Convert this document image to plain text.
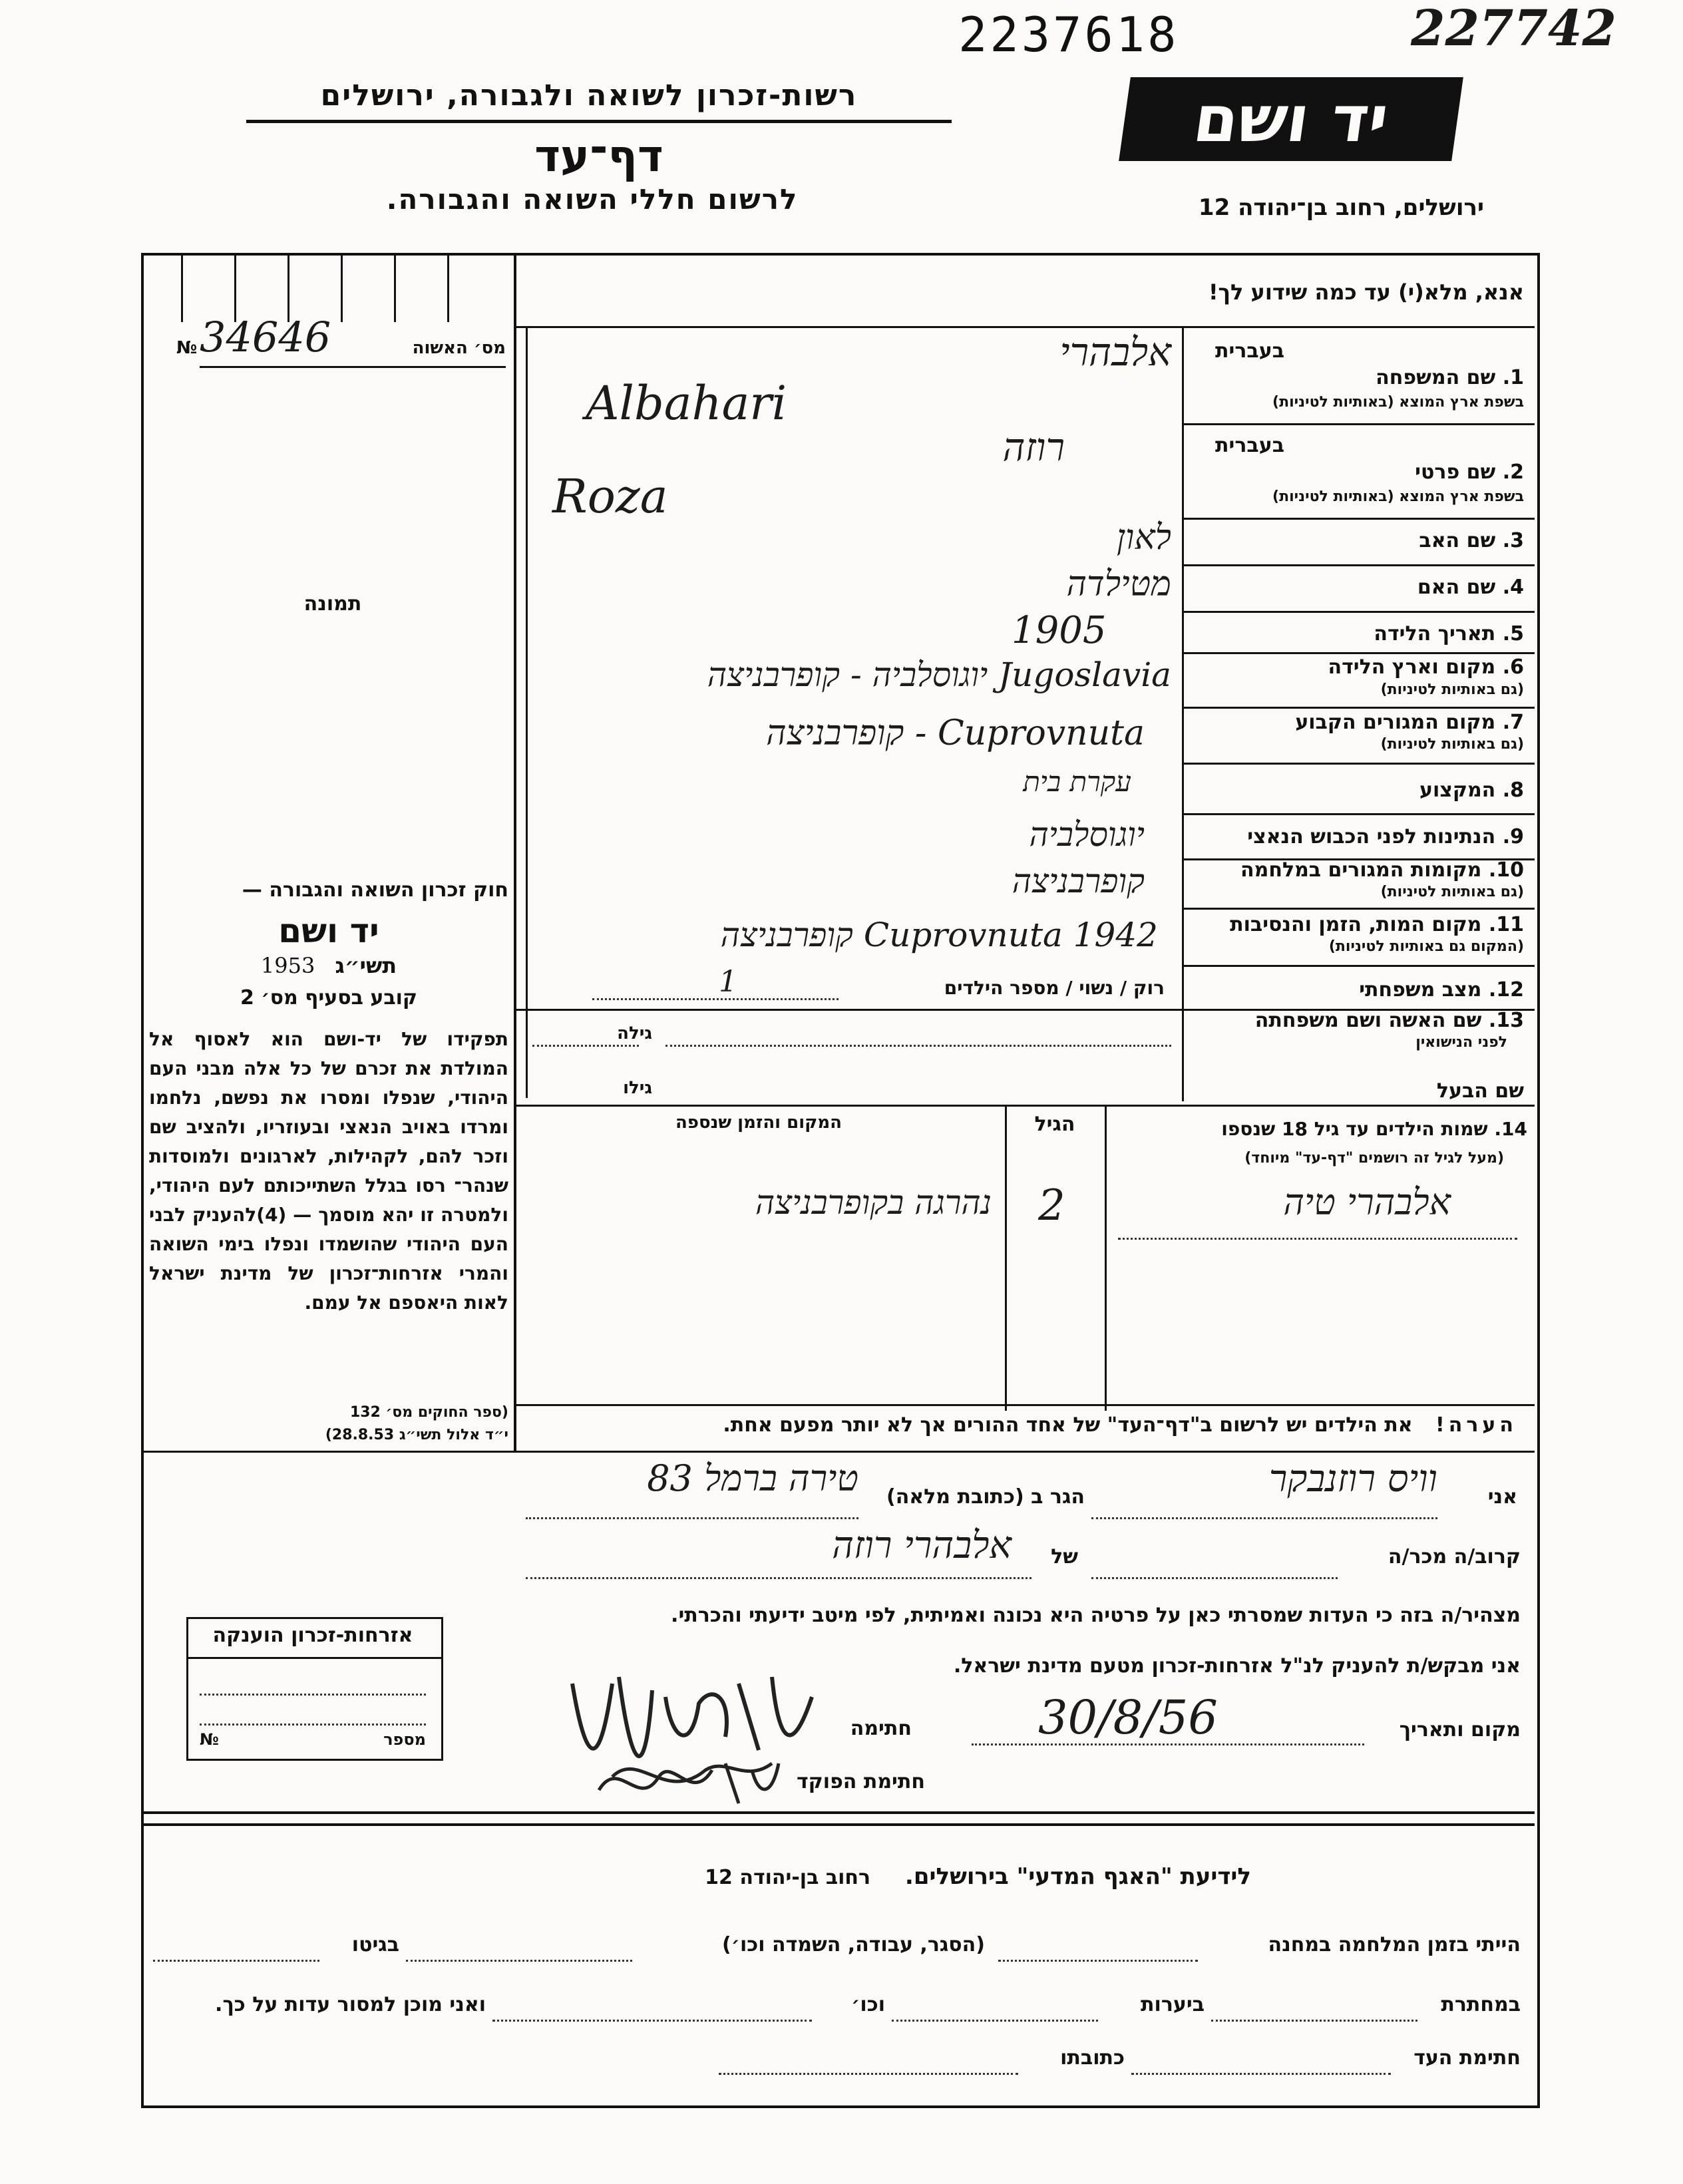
2237618	227742
רשות-זכרון לשואה ולגבורה, ירושלים
דף־עד
לרשום חללי השואה והגבורה.
יד ושם
ירושלים, רחוב בן־יהודה 12
№	מס׳ האשוה
34646
תמונה
חוק זכרון השואה והגבורה —
יד ושם
תשי״ג 1953
קובע בסעיף מס׳ 2
תפקידו של יד-ושם הוא לאסוף אל המולדת את זכרם של כל אלה מבני העם היהודי, שנפלו ומסרו את נפשם, נלחמו ומרדו באויב הנאצי ובעוזריו, ולהציב שם וזכר להם, לקהילות, לארגונים ולמוסדות שנהר־ רסו בגלל השתייכותם לעם היהודי, ולמטרה זו יהא מוסמך — (4)להעניק לבני העם היהודי שהושמדו ונפלו בימי השואה והמרי אזרחות־זכרון של מדינת ישראל לאות היאספם אל עמם.
(ספר החוקים מס׳ 132
י״ד אלול תשי״ג 28.8.53)
אזרחות-זכרון הוענקה
№	מספר
אנא, מלא(י) עד כמה שידוע לך!
בעברית
1. שם המשפחה
בשפת ארץ המוצא (באותיות לטיניות)
אלבהרי
Albahari
בעברית
2. שם פרטי
בשפת ארץ המוצא (באותיות לטיניות)
רוזה
Roza
3. שם האב
לאון
4. שם האם
מטילדה
5. תאריך הלידה
1905
6. מקום וארץ הלידה
(גם באותיות לטיניות)
Jugoslavia יוגוסלביה - קופרבניצה
7. מקום המגורים הקבוע
(גם באותיות לטיניות)
Cuprovnuta - קופרבניצה
8. המקצוע
עקרת בית
9. הנתינות לפני הכבוש הנאצי
יוגוסלביה
10. מקומות המגורים במלחמה
(גם באותיות לטיניות)
קופרבניצה
11. מקום המות, הזמן והנסיבות
(המקום גם באותיות לטיניות)
Cuprovnuta 1942 קופרבניצה
12. מצב משפחתי
רוק / נשוי / מספר הילדים
1
13. שם האשה ושם משפחתה
לפני הנישואין
גילה
שם הבעל
גילו
14. שמות הילדים עד גיל 18 שנספו
(מעל לגיל זה רושמים "דף-עד" מיוחד)
הגיל
המקום והזמן שנספה
אלבהרי טיה
2
נהרגה בקופרבניצה
הערה! את הילדים יש לרשום ב"דף־העד" של אחד ההורים אך לא יותר מפעם אחת.
אני
וויס רוזנבקר
הגר ב (כתובת מלאה)
טירה ברמל 83
קרוב/ה מכר/ה
של
אלבהרי רוזה
מצהיר/ה בזה כי העדות שמסרתי כאן על פרטיה היא נכונה ואמיתית, לפי מיטב ידיעתי והכרתי.
אני מבקש/ת להעניק לנ"ל אזרחות-זכרון מטעם מדינת ישראל.
מקום ותאריך
30/8/56
חתימה
חתימת הפוקד
לידיעת "האגף המדעי" בירושלים. רחוב בן-יהודה 12
הייתי בזמן המלחמה במחנה
(הסגר, עבודה, השמדה וכו׳)
בגיטו
במחתרת
ביערות
וכו׳
ואני מוכן למסור עדות על כך.
חתימת העד
כתובתו
